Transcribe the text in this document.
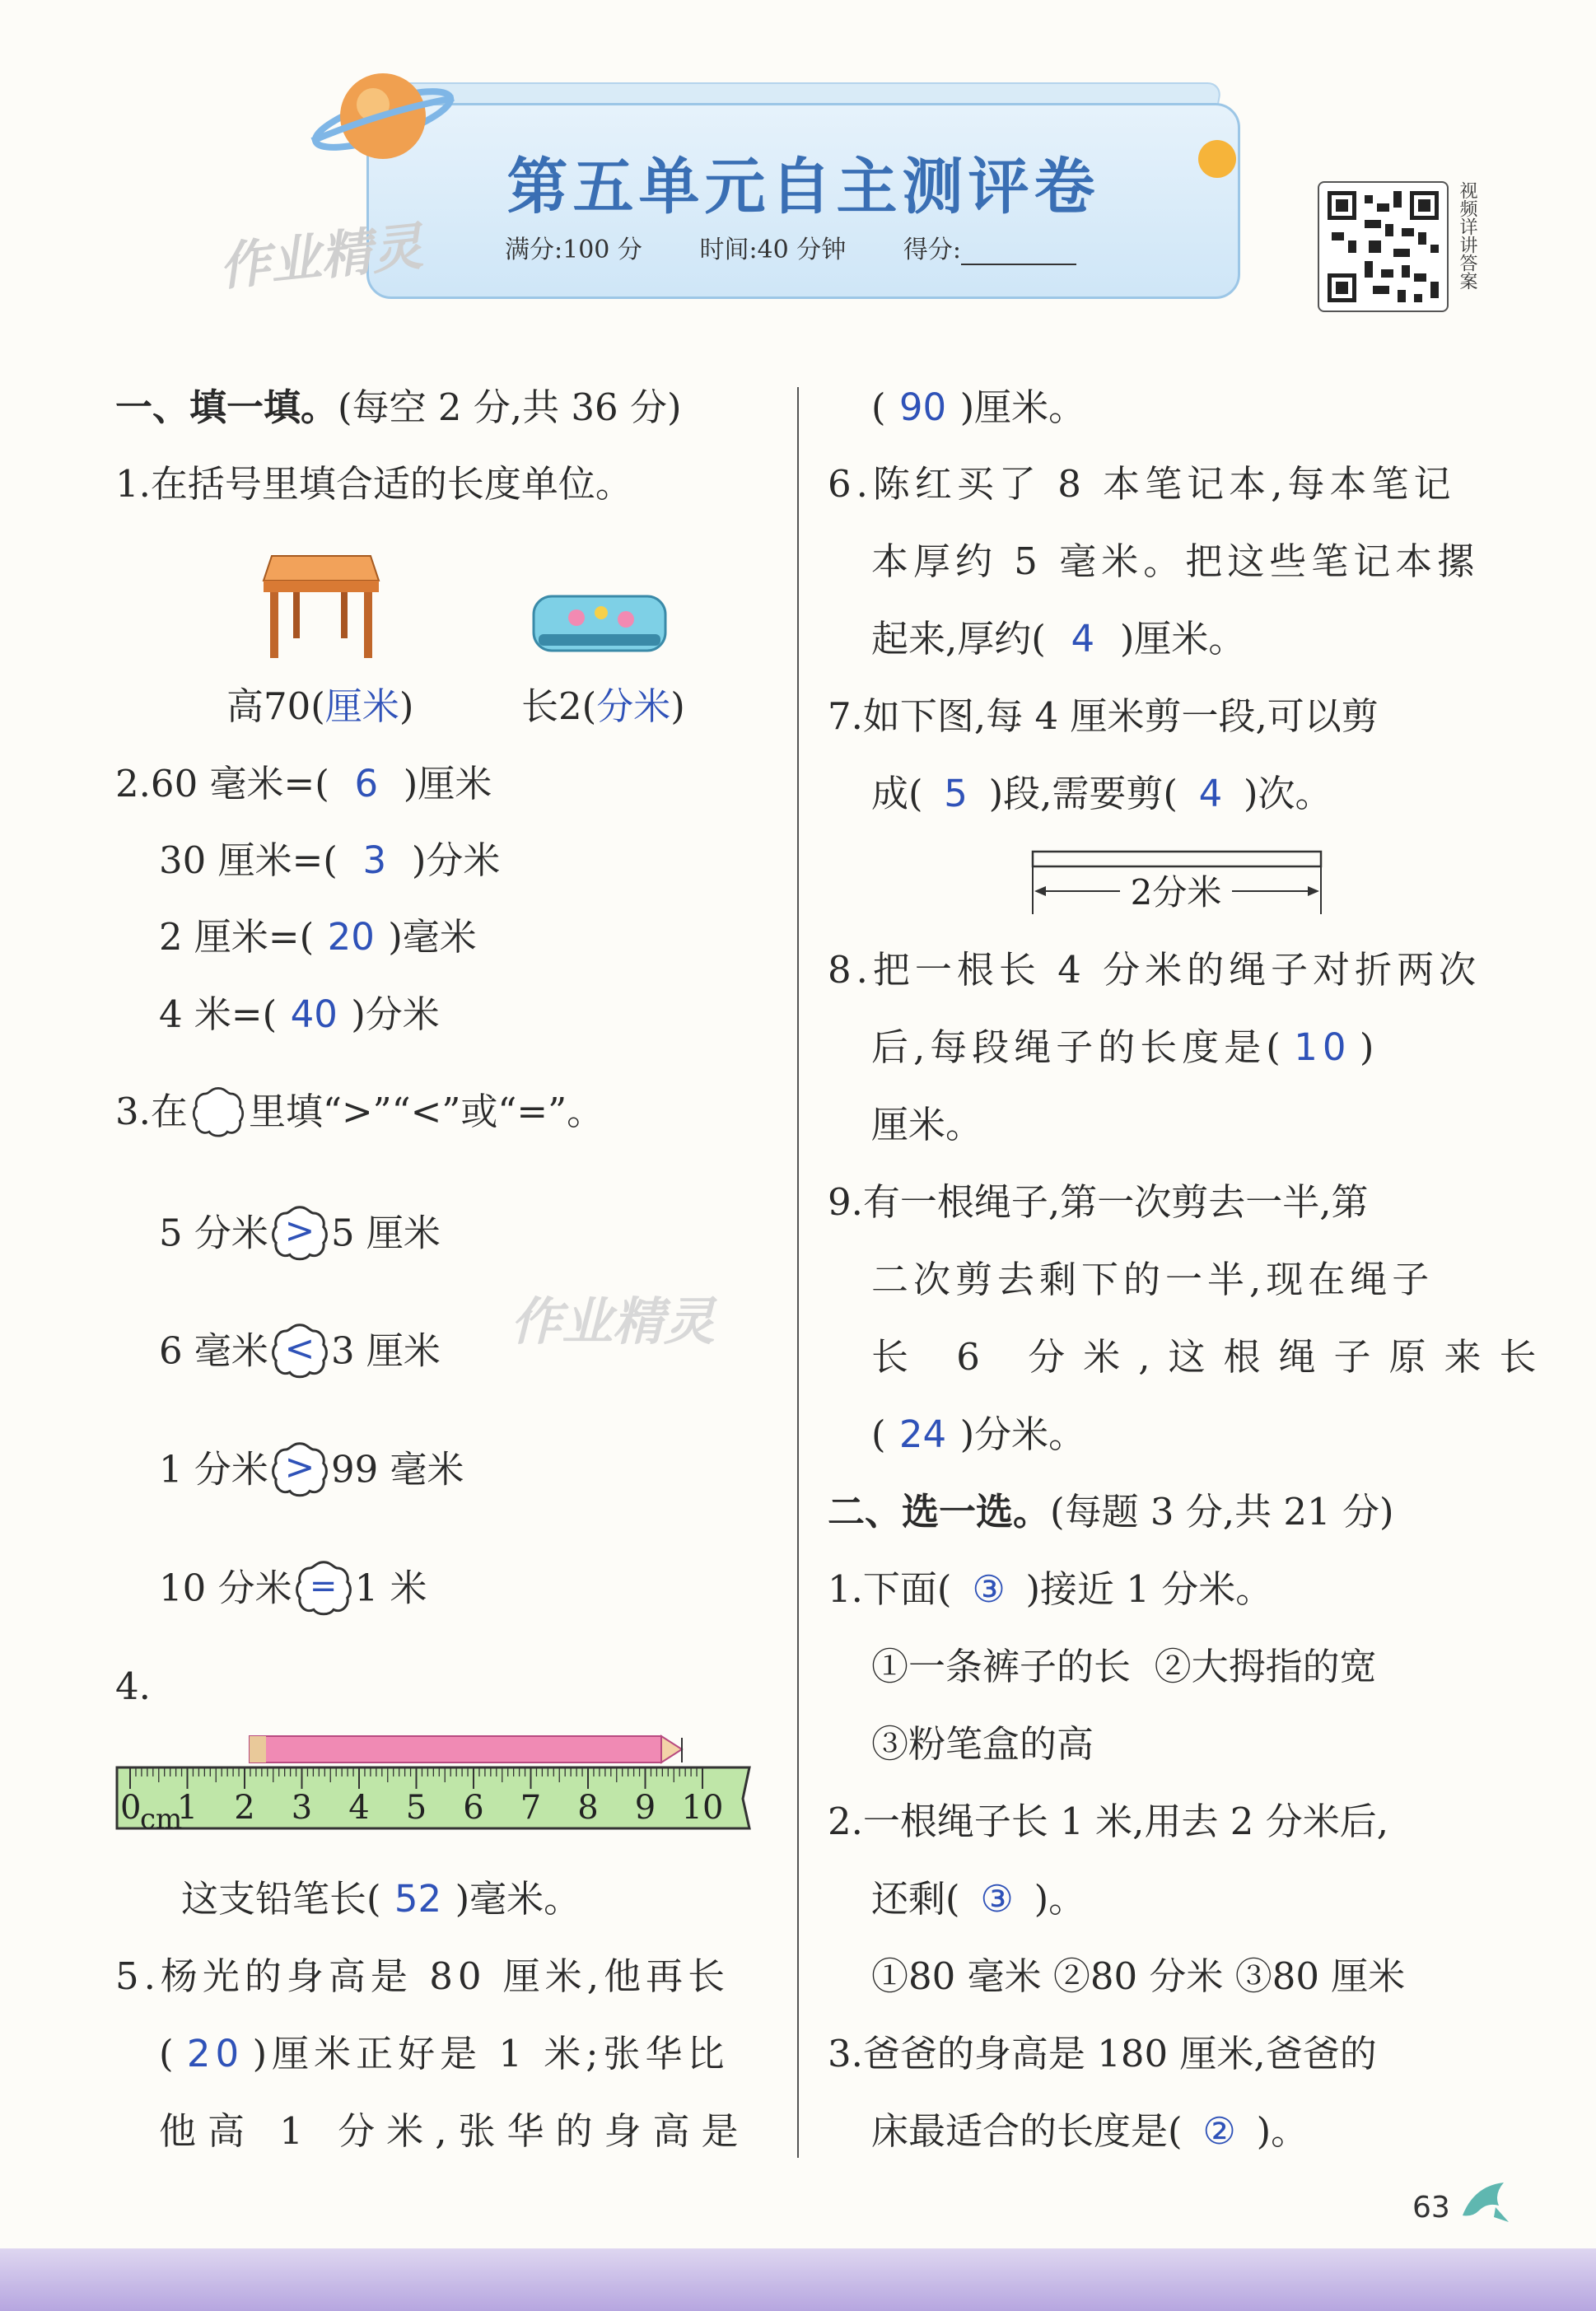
第五单元自主测评卷
满分:100 分 时间:40 分钟 得分:
作业精灵	视频详讲答案
一、填一填。(每空 2 分,共 36 分)
1.在括号里填合适的长度单位。
高70(厘米)	长2(分米)
2.60 毫米=( 6 )厘米
30 厘米=( 3 )分米
2 厘米=( 20 )毫米
4 米=( 40 )分米
3.在 里填“>”“<”或“=”。
5 分米 > 5 厘米
6 毫米 < 3 厘米
1 分米 > 99 毫米
10 分米 = 1 米
作业精灵
4.
0 1 2 3 4 5 6 7 8 9 10
cm
这支铅笔长( 52 )毫米。
5.杨光的身高是 80 厘米,他再长
( 20 )厘米正好是 1 米;张华比
他高 1 分米,张华的身高是
( 90 )厘米。
6.陈红买了 8 本笔记本,每本笔记
本厚约 5 毫米。把这些笔记本摞
起来,厚约( 4 )厘米。
7.如下图,每 4 厘米剪一段,可以剪
成( 5 )段,需要剪( 4 )次。
2分米
8.把一根长 4 分米的绳子对折两次
后,每段绳子的长度是( 10 )
厘米。
9.有一根绳子,第一次剪去一半,第
二次剪去剩下的一半,现在绳子
长 6 分米,这根绳子原来长
( 24 )分米。
二、选一选。(每题 3 分,共 21 分)
1.下面( ③ )接近 1 分米。
①一条裤子的长  ②大拇指的宽
③粉笔盒的高
2.一根绳子长 1 米,用去 2 分米后,
还剩( ③ )。
①80 毫米 ②80 分米 ③80 厘米
3.爸爸的身高是 180 厘米,爸爸的
床最适合的长度是( ② )。
63
